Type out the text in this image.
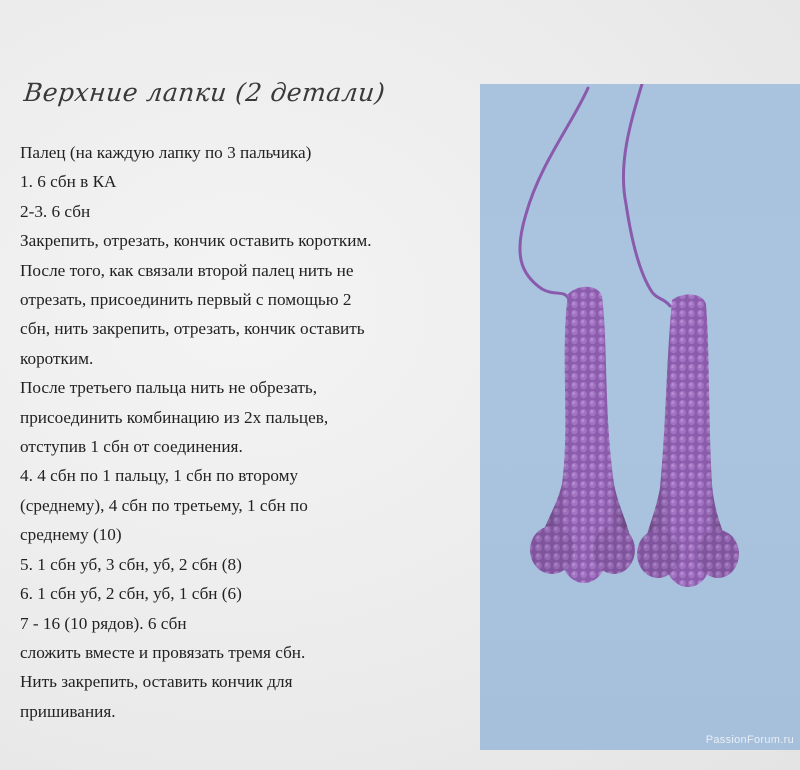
Верхние лапки (2 детали)
Палец (на каждую лапку по 3 пальчика)
1. 6 сбн в КА
2-3. 6 сбн
Закрепить, отрезать, кончик оставить коротким.
После того, как связали второй палец нить не
отрезать, присоединить первый с помощью 2
сбн, нить закрепить, отрезать, кончик оставить
коротким.
После третьего пальца нить не обрезать,
присоединить комбинацию из 2х пальцев,
отступив 1 сбн от соединения.
4. 4 сбн по 1 пальцу, 1 сбн по второму
(среднему), 4 сбн по третьему, 1 сбн по
среднему (10)
5. 1 сбн уб, 3 сбн, уб, 2 сбн (8)
6. 1 сбн уб, 2 сбн, уб, 1 сбн (6)
7 - 16 (10 рядов). 6 сбн
сложить вместе и провязать тремя сбн.
Нить закрепить, оставить кончик для
пришивания.
PassionForum.ru
